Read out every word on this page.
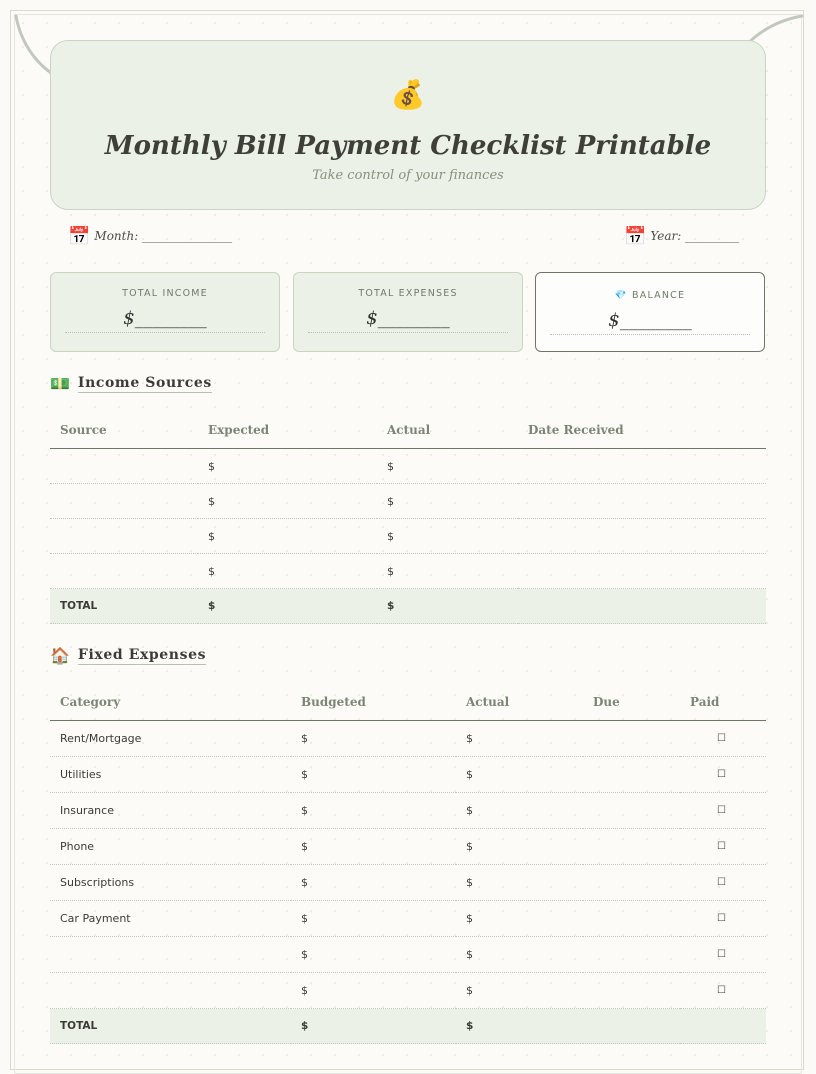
💰
Monthly Bill Payment Checklist Printable
Take control of your finances
📅 Month: _______________	📅 Year: _________
TOTAL INCOME
$________
TOTAL EXPENSES
$________
💎 BALANCE
$________
💵 Income Sources
Source	Expected	Actual	Date Received
	$	$	
	$	$	
	$	$	
	$	$	
TOTAL	$	$	
🏠 Fixed Expenses
Category	Budgeted	Actual	Due	Paid
Rent/Mortgage	$	$		☐
Utilities	$	$		☐
Insurance	$	$		☐
Phone	$	$		☐
Subscriptions	$	$		☐
Car Payment	$	$		☐
	$	$		☐
	$	$		☐
TOTAL	$	$		
